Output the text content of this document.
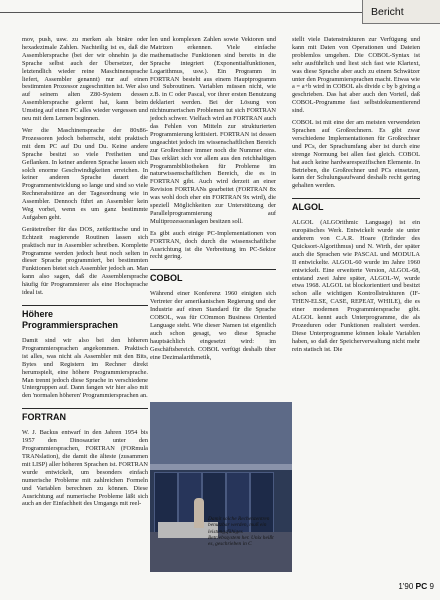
Bericht

mov, push, usw. zu merken als binäre oder hexadezimale Zahlen. Nachteilig ist es, daß die Assemblersprache (bei der wir ohnehin ja die Sprache selbst auch der Übersetzer, der letztendlich wieder reine Maschinensprache liefert, Assembler genannt) nur auf einen bestimmten Prozessor zugeschnitten ist. Wer also auf seinem alten Z80-System dessen Assemblersprache gelernt hat, kann beim Umstieg auf einen PC alles wieder vergessen und neu mit dem Lernen beginnen.

Wer die Maschinensprache der 80x86-Prozessoren jedoch beherrscht, steht praktisch mit dem PC auf Du und Du. Keine andere Sprache besitzt so viele Freiheiten und Geflanken. In keiner anderen Sprache lassen sich solch enorme Geschwindigkeiten erreichen. In keiner anderen Sprache dauert die Programmentwicklung so lange und sind so viele Rechnerabstürze an der Tagesordnung wie in Assembler. Dennoch führt an Assembler kein Weg vorbei, wenn es um ganz bestimmte Aufgaben geht.

Gerätetreiber für das DOS, zeitkritische und in Echtzeit reagierende Routinen lassen sich praktisch nur in Assembler schreiben. Komplette Programme werden jedoch heut noch selten in dieser Sprache programmiert, bei bestimmten Funktionen bietet sich Assembler jedoch an. Man kann also sagen, daß die Assemblersprache häufig für Programmierer als eine Hochsprache ideal ist.

Höhere Programmiersprachen

Damit sind wir also bei den höheren Programmiersprachen angekommen. Praktisch ist alles, was nicht als Assembler mit den Bits, Bytes und Registern im Rechner direkt herumspielt, eine höhere Programmiersprache. Man trennt jedoch diese Sprache in verschiedene Untergruppen auf. Dann fangen wir hier also mit den 'normalen höheren' Programmiersprachen an.

FORTRAN

W. J. Backus entwarf in den Jahren 1954 bis 1957 den Dinosaurier unter den Programmiersprachen, FORTRAN (FORmula TRANslation), die damit die älteste (zusammen mit LISP) aller höheren Sprachen ist. FORTRAN wurde entwickelt, um besonders einfach numerische Probleme mit zahlreichen Formeln und Variablen berechnen zu können. Diese Ausrichtung auf numerische Probleme läßt sich auch an der Einfachheit des Umgangs mit reel-

len und komplexen Zahlen sowie Vektoren und Matrizen erkennen. Viele einfache mathematische Funktionen sind bereits in die Sprache integriert (Exponentialfunktionen, Logarithmus, usw.). Ein Programm in FORTRAN besteht aus einem Hauptprogramm und Subroutinen. Variablen müssen nicht, wie z.B. in C oder Pascal, vor ihrer ersten Benutzung deklariert werden. Bei der Lösung von nichtnumerischen Problemen tut sich FORTRAN jedoch schwer. Vielfach wird an FORTRAN auch das Fehlen von Mitteln zur strukturierten Programmierung kritisiert. FORTRAN ist dessen ungeachtet jedoch im wissenschaftlichen Bereich zur Großrechner immer noch die Nummer eins. Das erklärt sich vor allem aus den reichhaltigen Programmbibliotheken für Probleme im naturwissenschaftlichen Bereich, die es in FORTRAN gibt. Auch wird derzeit an einer Revision FORTRANs gearbeitet (FORTRAN 8x was wohl doch eher ein FORTRAN 9x wird), die speziell Möglichkeiten zur Unterstützung der Parallelprogrammierung auf Multiprozessoranlagen besitzen soll.

Es gibt auch einige PC-Implementationen von FORTRAN, doch durch die wissenschaftliche Ausrichtung ist die Verbreitung im PC-Sektor recht gering.

COBOL

Während einer Konferenz 1960 einigten sich Vertreter der amerikanischen Regierung und der Industrie auf einen Standard für die Sprache COBOL, was für COmmon Business Oriented Language steht. Wie dieser Namen ist eigentlich auch schon gesagt, wo diese Sprache hauptsächlich eingesetzt wird: im Geschäftsbereich. COBOL verfügt deshalb über eine Dezimalarithmetik,

Damit solche Rechenzentren benutzbar werden, muß ein leistungsfähiges Betriebssystem her. Unix heißt es, geschrieben in C

stellt viele Datenstrukturen zur Verfügung und kann mit Daten von Operationen und Dateien problemlos umgehen. Die COBOL-Syntax ist sehr ausführlich und liest sich fast wie Klartext, was diese Sprache aber auch zu einem Schwätzer unter den Programmiersprachen macht. Etwas wie a = a+b wird in COBOL als divide c by b giving a geschrieben. Das hat aber auch den Vorteil, daß COBOL-Programme fast selbstdokumentierend sind.

COBOL ist mit eine der am meisten verwendeten Sprachen auf Großrechnern. Es gibt zwar verschiedene Implementationen für Großrechner und PCs, der Sprachumfang aber ist durch eine strenge Normung bei allen fast gleich. COBOL hat auch keine hardwarespezifischen Elemente. In Betrieben, die Großrechner und PCs einsetzen, kann der Schulungsaufwand deshalb recht gering gehalten werden.

ALGOL

ALGOL (ALGOrithmic Language) ist ein europäisches Werk. Entwickelt wurde sie unter anderem von C.A.R. Hoare (Erfinder des Quicksort-Algorithmus) und N. Wirth, der später auch die Sprachen wie PASCAL und MODULA II entwickelte. ALGOL-60 wurde im Jahre 1960 entwickelt. Eine erweiterte Version, ALGOL-68, entstand zwei Jahre später, ALGOL-W, wurde etwa 1968. ALGOL ist blockorientiert und besitzt schon alle wichtigen Kontrollstrukturen (IF-THEN-ELSE, CASE, REPEAT, WHILE), die es einer modernen Programmiersprache gibt. ALGOL kennt auch Unterprogramme, die als Prozeduren oder Funktionen realisiert werden. Diese Unterprogramme können lokale Variablen haben, so daß der Speicherverwaltung nicht mehr rein statisch ist. Die

1'90 PC 9
